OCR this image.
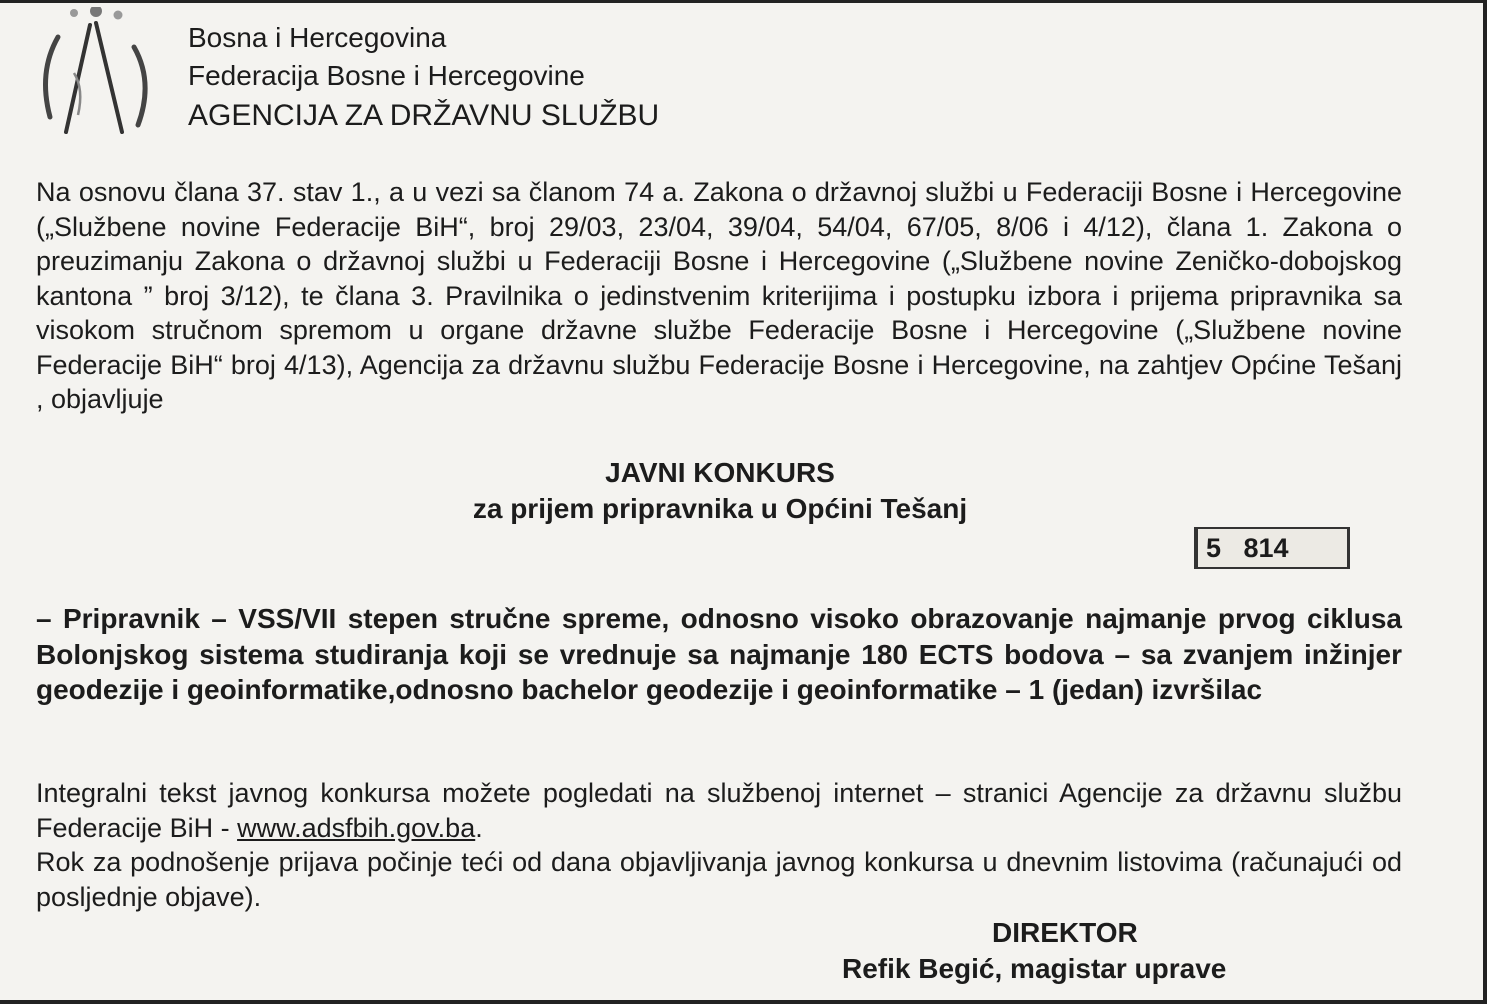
Bosna i Hercegovina
Federacija Bosne i Hercegovine
AGENCIJA ZA DRŽAVNU SLUŽBU
Na osnovu člana 37. stav 1., a u vezi sa članom 74 a. Zakona o državnoj službi u Federaciji Bosne i Hercegovine („Službene novine Federacije BiH“, broj 29/03, 23/04, 39/04, 54/04, 67/05, 8/06 i 4/12), člana 1. Zakona o preuzimanju Zakona o državnoj službi u Federaciji Bosne i Hercegovine („Službene novine Zeničko-dobojskog kantona ” broj 3/12), te člana 3. Pravilnika o jedinstvenim kriterijima i postupku izbora i prijema pripravnika sa visokom stručnom spremom u organe državne službe Federacije Bosne i Hercegovine („Službene novine Federacije BiH“ broj 4/13), Agencija za državnu službu Federacije Bosne i Hercegovine, na zahtjev Općine Tešanj , objavljuje
JAVNI KONKURS
za prijem pripravnika u Općini Tešanj
5   814
– Pripravnik – VSS/VII stepen stručne spreme, odnosno visoko obrazovanje najmanje prvog ciklusa Bolonjskog sistema studiranja koji se vrednuje sa najmanje 180 ECTS bodova – sa zvanjem inžinjer geodezije i geoinformatike,odnosno bachelor geodezije i geoinformatike – 1 (jedan) izvršilac
Integralni tekst javnog konkursa možete pogledati na službenoj internet – stranici Agencije za državnu službu Federacije BiH - www.adsfbih.gov.ba.
Rok za podnošenje prijava počinje teći od dana objavljivanja javnog konkursa u dnevnim listovima (računajući od posljednje objave).
DIREKTOR
Refik Begić, magistar uprave
